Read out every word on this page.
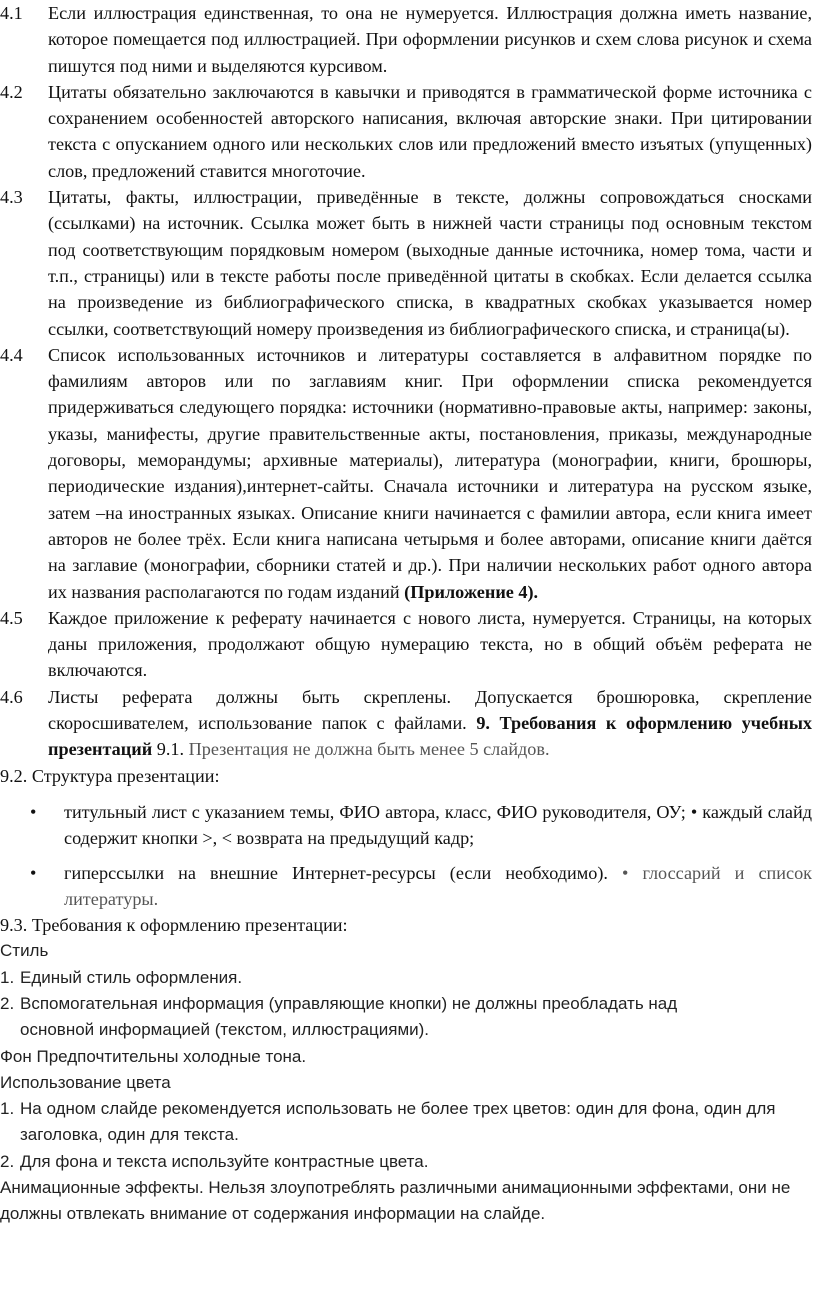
4.1 Если иллюстрация единственная, то она не нумеруется. Иллюстрация должна иметь название, которое помещается под иллюстрацией. При оформлении рисунков и схем слова рисунок и схема пишутся под ними и выделяются курсивом.
4.2 Цитаты обязательно заключаются в кавычки и приводятся в грамматической форме источника с сохранением особенностей авторского написания, включая авторские знаки. При цитировании текста с опусканием одного или нескольких слов или предложений вместо изъятых (упущенных) слов, предложений ставится многоточие.
4.3 Цитаты, факты, иллюстрации, приведённые в тексте, должны сопровождаться сносками (ссылками) на источник. Ссылка может быть в нижней части страницы под основным текстом под соответствующим порядковым номером (выходные данные источника, номер тома, части и т.п., страницы) или в тексте работы после приведённой цитаты в скобках. Если делается ссылка на произведение из библиографического списка, в квадратных скобках указывается номер ссылки, соответствующий номеру произведения из библиографического списка, и страница(ы).
4.4 Список использованных источников и литературы составляется в алфавитном порядке по фамилиям авторов или по заглавиям книг. При оформлении списка рекомендуется придерживаться следующего порядка: источники (нормативно-правовые акты, например: законы, указы, манифесты, другие правительственные акты, постановления, приказы, международные договоры, меморандумы; архивные материалы), литература (монографии, книги, брошюры, периодические издания),интернет-сайты. Сначала источники и литература на русском языке, затем –на иностранных языках. Описание книги начинается с фамилии автора, если книга имеет авторов не более трёх. Если книга написана четырьмя и более авторами, описание книги даётся на заглавие (монографии, сборники статей и др.). При наличии нескольких работ одного автора их названия располагаются по годам изданий (Приложение 4).
4.5 Каждое приложение к реферату начинается с нового листа, нумеруется. Страницы, на которых даны приложения, продолжают общую нумерацию текста, но в общий объём реферата не включаются.
4.6 Листы реферата должны быть скреплены. Допускается брошюровка, скрепление скоросшивателем, использование папок с файлами. 9. Требования к оформлению учебных презентаций 9.1. Презентация не должна быть менее 5 слайдов.
9.2. Структура презентации:
• титульный лист с указанием темы, ФИО автора, класс, ФИО руководителя, ОУ; • каждый слайд содержит кнопки >, < возврата на предыдущий кадр;
• гиперссылки на внешние Интернет-ресурсы (если необходимо). • глоссарий и список литературы.
9.3. Требования к оформлению презентации:
Стиль
1. Единый стиль оформления.
2. Вспомогательная информация (управляющие кнопки) не должны преобладать над основной информацией (текстом, иллюстрациями).
Фон Предпочтительны холодные тона.
Использование цвета
1. На одном слайде рекомендуется использовать не более трех цветов: один для фона, один для заголовка, один для текста.
2. Для фона и текста используйте контрастные цвета.
Анимационные эффекты. Нельзя злоупотреблять различными анимационными эффектами, они не должны отвлекать внимание от содержания информации на слайде.
